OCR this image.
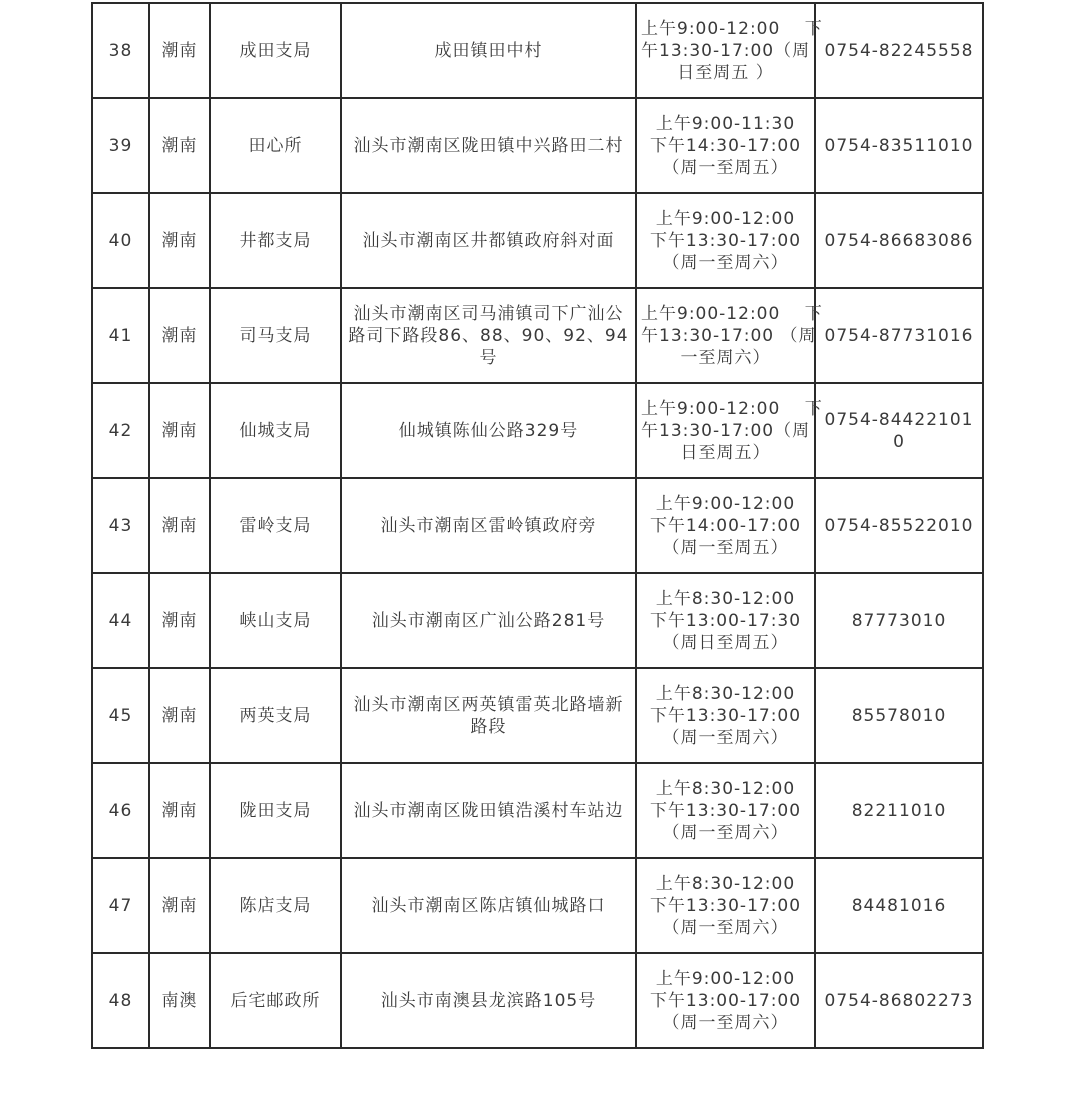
38	潮南	成田支局	成田镇田中村	上午9:00-12:00　 下
午13:30-17:00（周
日至周五 ）	0754-82245558
39	潮南	田心所	汕头市潮南区陇田镇中兴路田二村	上午9:00-11:30
下午14:30-17:00
（周一至周五）	0754-83511010
40	潮南	井都支局	汕头市潮南区井都镇政府斜对面	上午9:00-12:00
下午13:30-17:00
（周一至周六）	0754-86683086
41	潮南	司马支局	汕头市潮南区司马浦镇司下广汕公路司下路段86、88、90、92、94号	上午9:00-12:00　 下
午13:30-17:00 （周
一至周六）	0754-87731016
42	潮南	仙城支局	仙城镇陈仙公路329号	上午9:00-12:00　 下
午13:30-17:00（周
日至周五）	0754-844221010
43	潮南	雷岭支局	汕头市潮南区雷岭镇政府旁	上午9:00-12:00
下午14:00-17:00
（周一至周五）	0754-85522010
44	潮南	峡山支局	汕头市潮南区广汕公路281号	上午8:30-12:00
下午13:00-17:30
（周日至周五）	87773010
45	潮南	两英支局	汕头市潮南区两英镇雷英北路墙新路段	上午8:30-12:00
下午13:30-17:00
（周一至周六）	85578010
46	潮南	陇田支局	汕头市潮南区陇田镇浩溪村车站边	上午8:30-12:00
下午13:30-17:00
（周一至周六）	82211010
47	潮南	陈店支局	汕头市潮南区陈店镇仙城路口	上午8:30-12:00
下午13:30-17:00
（周一至周六）	84481016
48	南澳	后宅邮政所	汕头市南澳县龙滨路105号	上午9:00-12:00
下午13:00-17:00
（周一至周六）	0754-86802273
